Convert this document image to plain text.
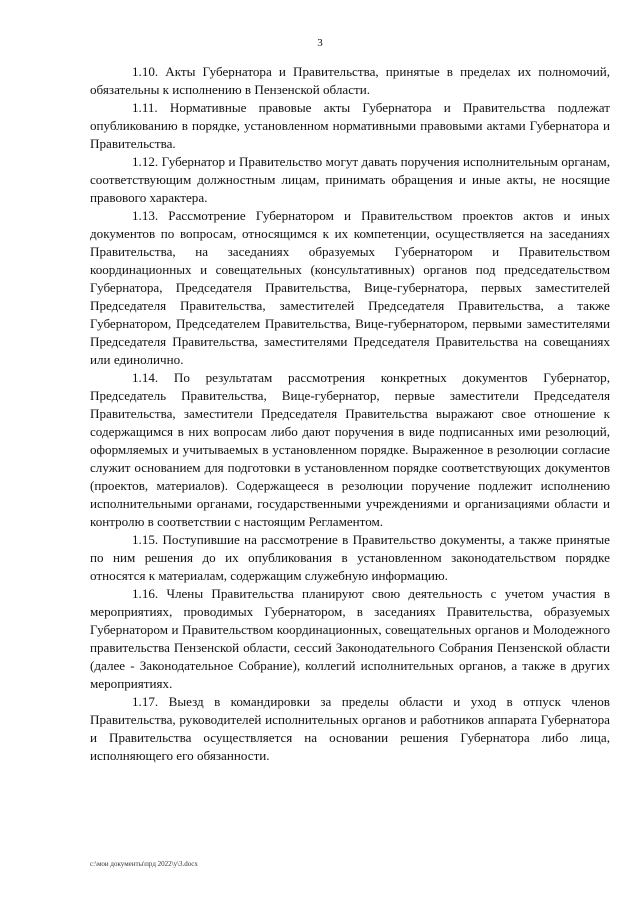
3

1.10. Акты Губернатора и Правительства, принятые в пределах их полномочий, обязательны к исполнению в Пензенской области.

1.11. Нормативные правовые акты Губернатора и Правительства подлежат опубликованию в порядке, установленном нормативными правовыми актами Губернатора и Правительства.

1.12. Губернатор и Правительство могут давать поручения исполнительным органам, соответствующим должностным лицам, принимать обращения и иные акты, не носящие правового характера.

1.13. Рассмотрение Губернатором и Правительством проектов актов и иных документов по вопросам, относящимся к их компетенции, осуществляется на заседаниях Правительства, на заседаниях образуемых Губернатором и Правительством координационных и совещательных (консультативных) органов под председательством Губернатора, Председателя Правительства, Вице-губернатора, первых заместителей Председателя Правительства, заместителей Председателя Правительства, а также Губернатором, Председателем Правительства, Вице-губернатором, первыми заместителями Председателя Правительства, заместителями Председателя Правительства на совещаниях или единолично.

1.14. По результатам рассмотрения конкретных документов Губернатор, Председатель Правительства, Вице-губернатор, первые заместители Председателя Правительства, заместители Председателя Правительства выражают свое отношение к содержащимся в них вопросам либо дают поручения в виде подписанных ими резолюций, оформляемых и учитываемых в установленном порядке. Выраженное в резолюции согласие служит основанием для подготовки в установленном порядке соответствующих документов (проектов, материалов). Содержащееся в резолюции поручение подлежит исполнению исполнительными органами, государственными учреждениями и организациями области и контролю в соответствии с настоящим Регламентом.

1.15. Поступившие на рассмотрение в Правительство документы, а также принятые по ним решения до их опубликования в установленном законодательством порядке относятся к материалам, содержащим служебную информацию.

1.16. Члены Правительства планируют свою деятельность с учетом участия в мероприятиях, проводимых Губернатором, в заседаниях Правительства, образуемых Губернатором и Правительством координационных, совещательных органов и Молодежного правительства Пензенской области, сессий Законодательного Собрания Пензенской области (далее - Законодательное Собрание), коллегий исполнительных органов, а также в других мероприятиях.

1.17. Выезд в командировки за пределы области и уход в отпуск членов Правительства, руководителей исполнительных органов и работников аппарата Губернатора и Правительства осуществляется на основании решения Губернатора либо лица, исполняющего его обязанности.

c:\мои документы\прд 2022\у\3.docx
